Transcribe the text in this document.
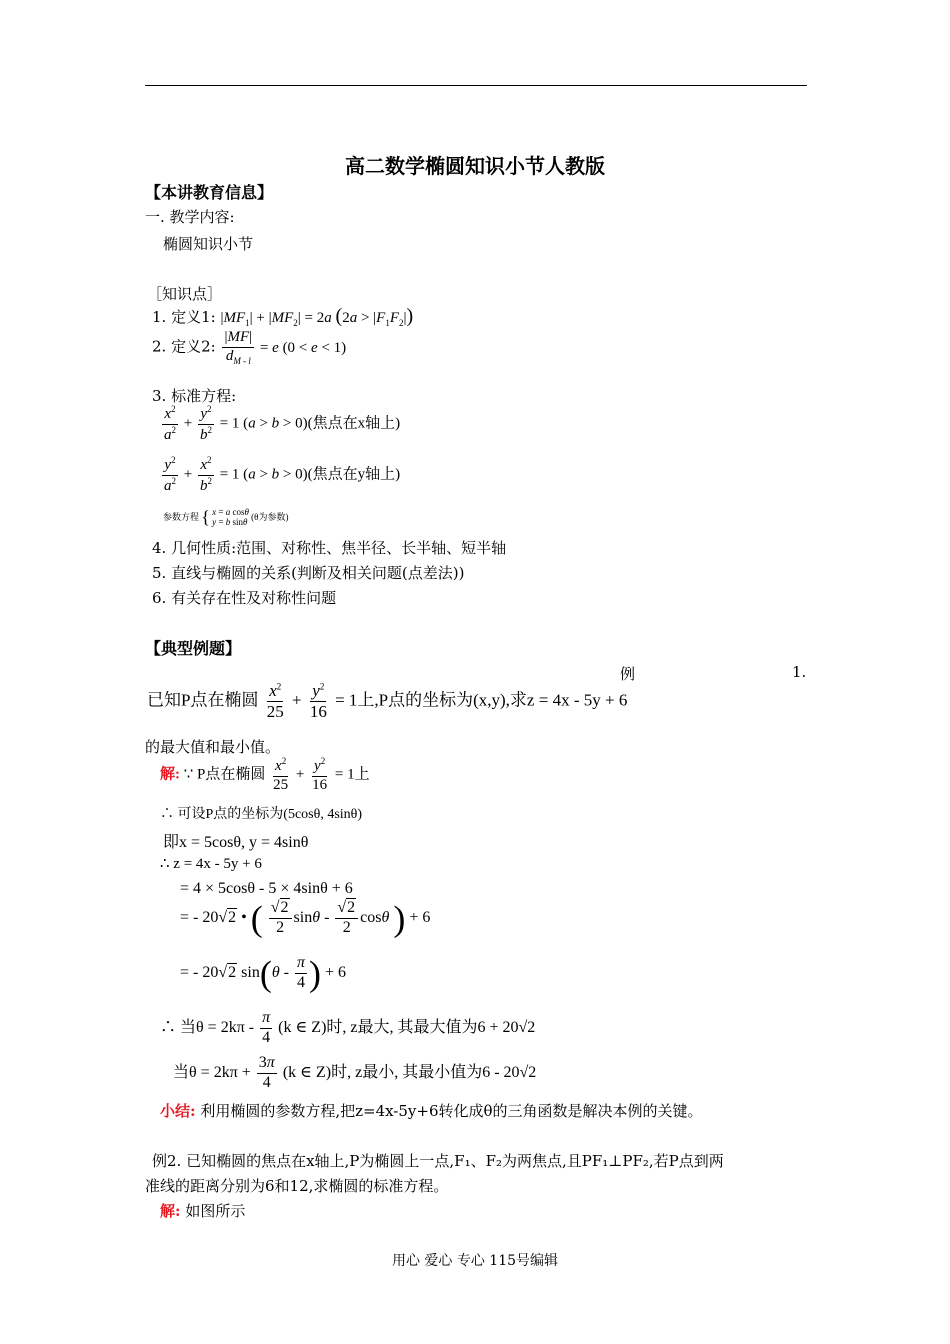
高二数学椭圆知识小节人教版
【本讲教育信息】
一. 教学内容:
椭圆知识小节
［知识点］
1. 定义1: $|MF_1| + |MF_2| = 2a$ $(2a > |F_1F_2|)$
2. 定义2: $\frac{|MF|}{d_{M - l}} = e$ (0 < e < 1)
3. 标准方程:
$\frac{x^2}{a^2} + \frac{y^2}{b^2} = 1$ (a > b > 0)(焦点在x轴上)
$\frac{y^2}{a^2} + \frac{x^2}{b^2} = 1$ (a > b > 0)(焦点在y轴上)
参数方程 { x = a cosθ
y = b sinθ (θ为参数)
4. 几何性质:范围、对称性、焦半径、长半轴、短半轴
5. 直线与椭圆的关系(判断及相关问题(点差法))
6. 有关存在性及对称性问题
【典型例题】
例	1.
已知P点在椭圆 $\frac{x^2}{25} + \frac{y^2}{16} = 1$上,P点的坐标为(x,y),求z = 4x - 5y + 6
的最大值和最小值。
解: ∵ P点在椭圆 $\frac{x^2}{25} + \frac{y^2}{16} = 1$上
∴ 可设P点的坐标为(5cosθ, 4sinθ)
即x = 5cosθ, y = 4sinθ
∴ z = 4x - 5y + 6
= 4 × 5cosθ - 5 × 4sinθ + 6
= - 20√2 • ( $\frac{√2}{2}$ sinθ - $\frac{√2}{2}$ cosθ ) + 6
= - 20√2 $\sin(\theta - \frac{\pi}{4}$ ) + 6
∴ 当$\theta = 2k\pi - \frac{\pi}{4} (k$ ∈ Z)时, z最大, 其最大值为6 + 20√2
当$\theta = 2k\pi + \frac{3\pi}{4} (k$ ∈ Z)时, z最小, 其最小值为6 - 20√2
小结: 利用椭圆的参数方程,把z=4x-5y+6转化成θ的三角函数是解决本例的关键。
例2. 已知椭圆的焦点在x轴上,P为椭圆上一点,F₁、F₂为两焦点,且PF₁⊥PF₂,若P点到两
准线的距离分别为6和12,求椭圆的标准方程。
解: 如图所示
用心 爱心 专心 115号编辑
